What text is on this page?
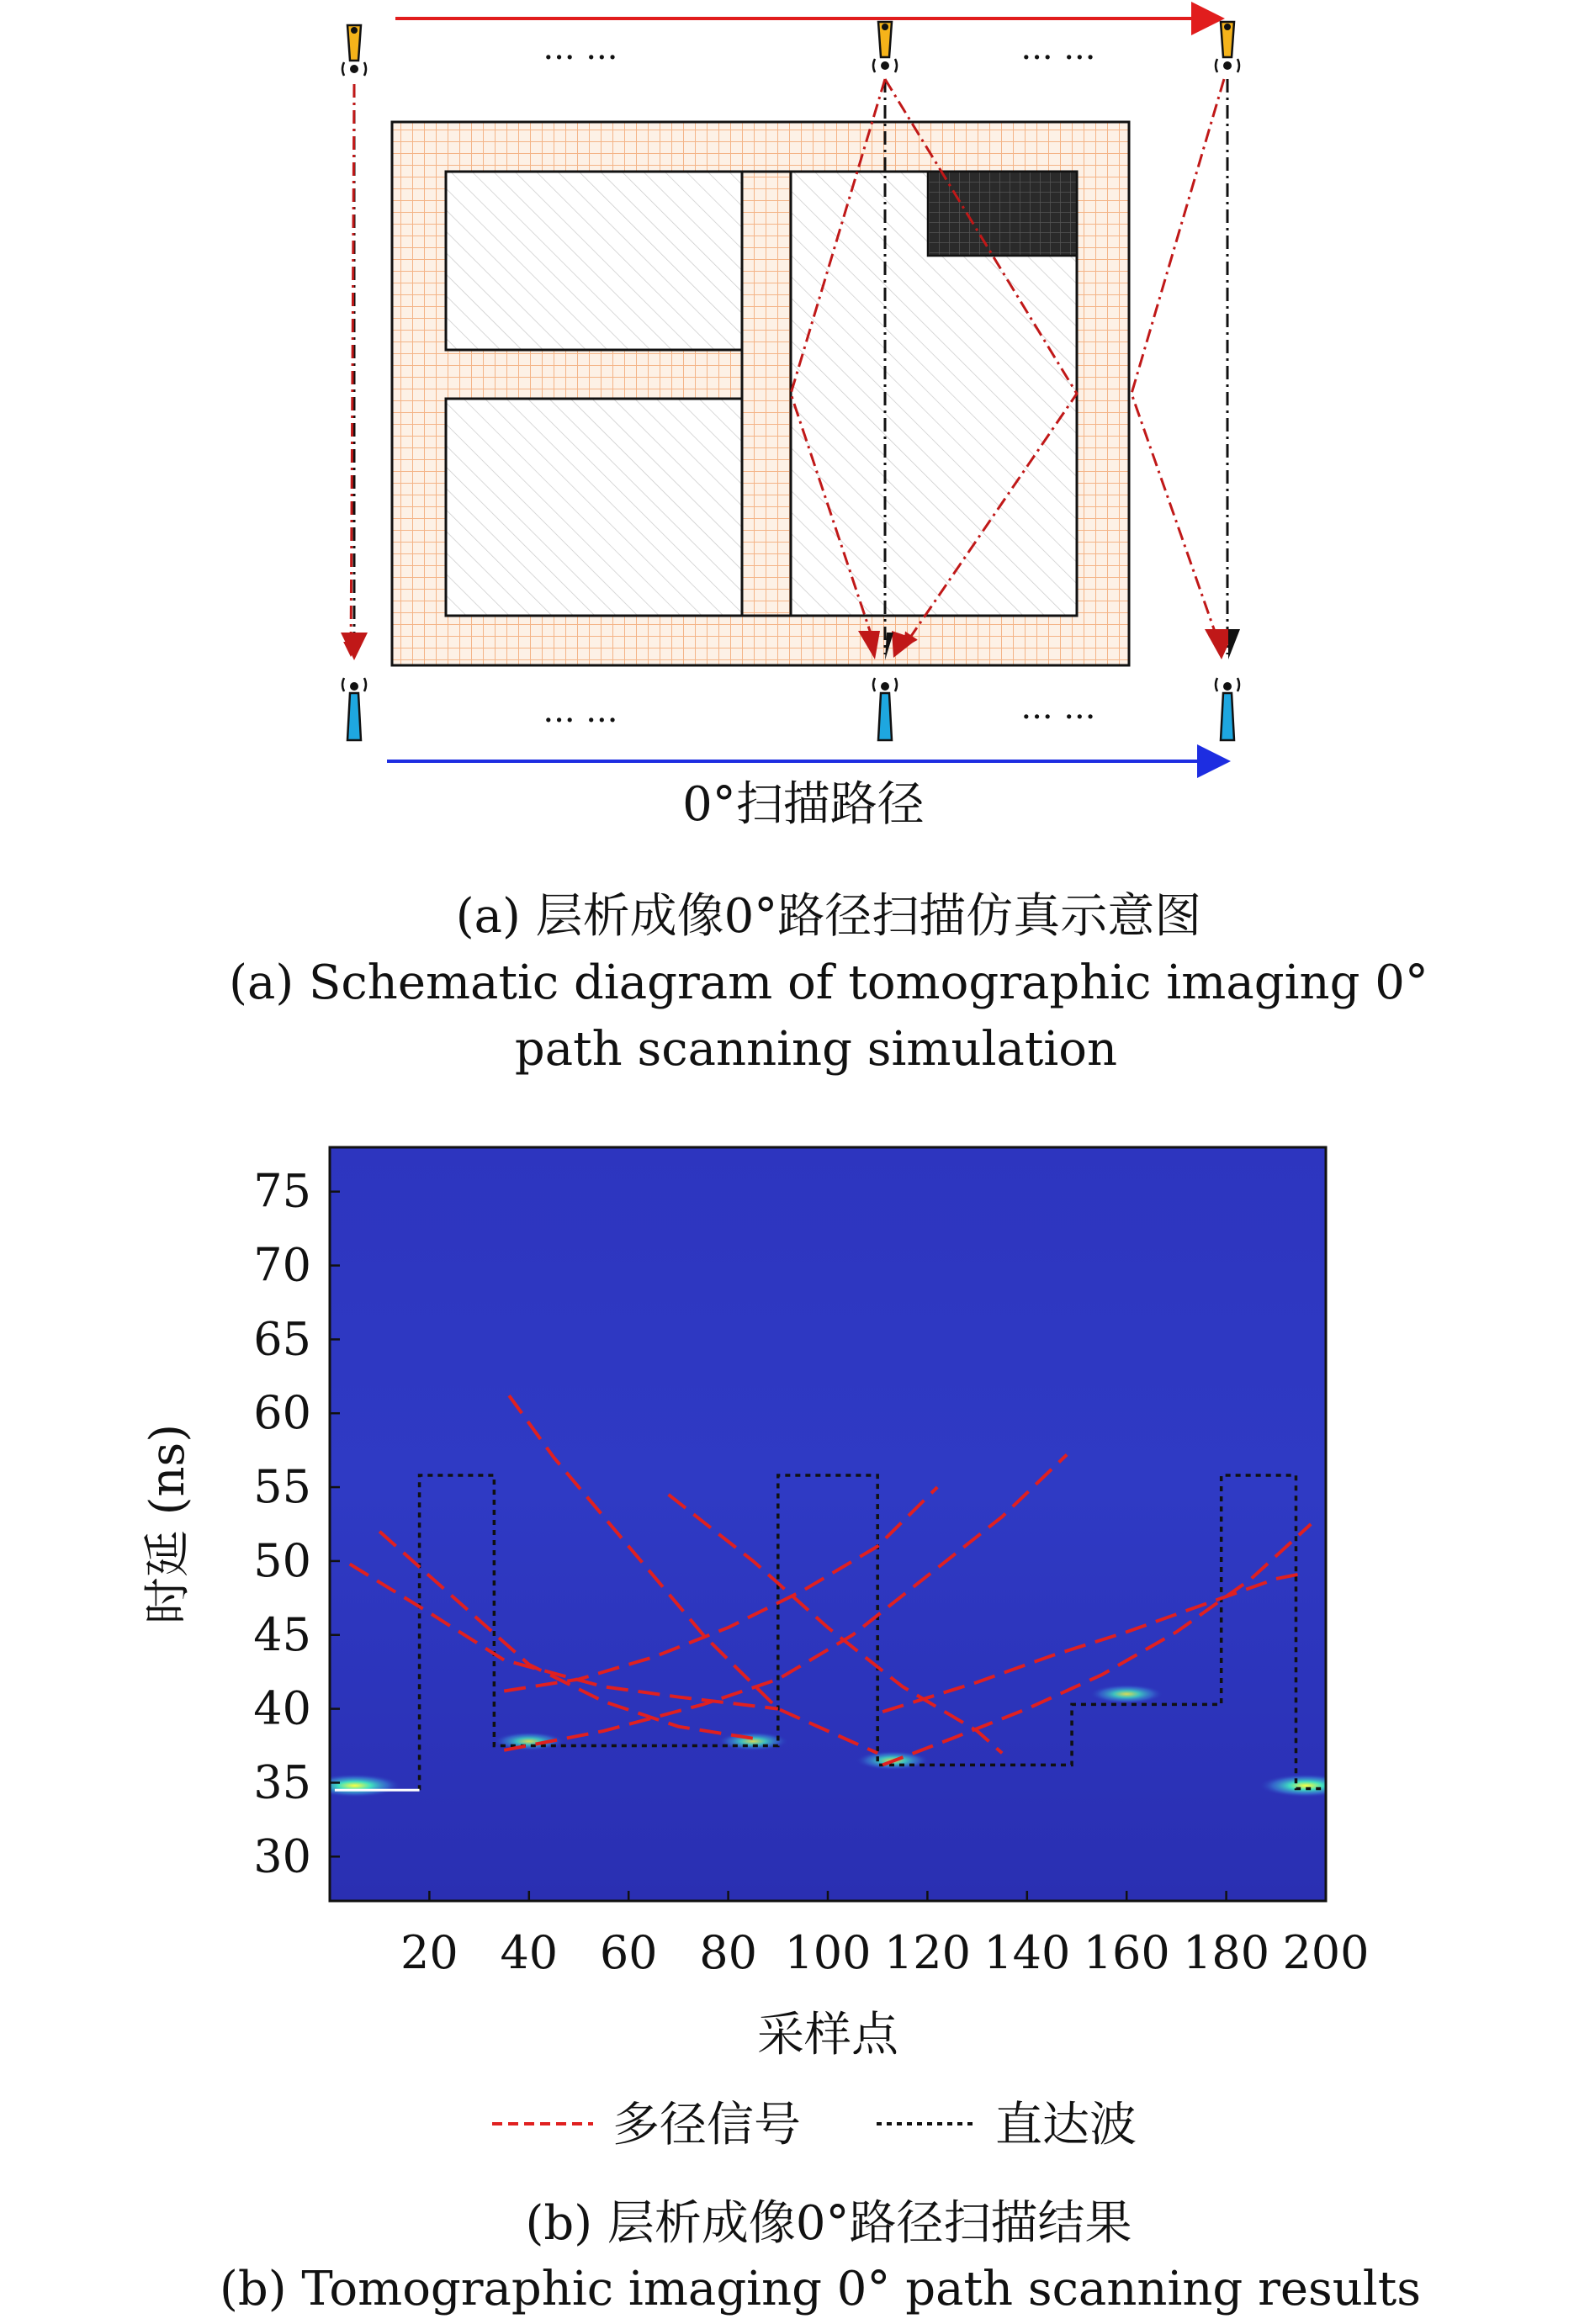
··· ···	··· ···
··· ···	··· ···
0°扫描路径
(a) 层析成像0°路径扫描仿真示意图
(a) Schematic diagram of tomographic imaging 0°
path scanning simulation
20 40 60 80 100 120 140 160 180 200
30
35
40
45
50
55
60
65
70
75
采样点
时延 (ns)
多径信号	直达波
(b) 层析成像0°路径扫描结果
(b) Tomographic imaging 0° path scanning results
